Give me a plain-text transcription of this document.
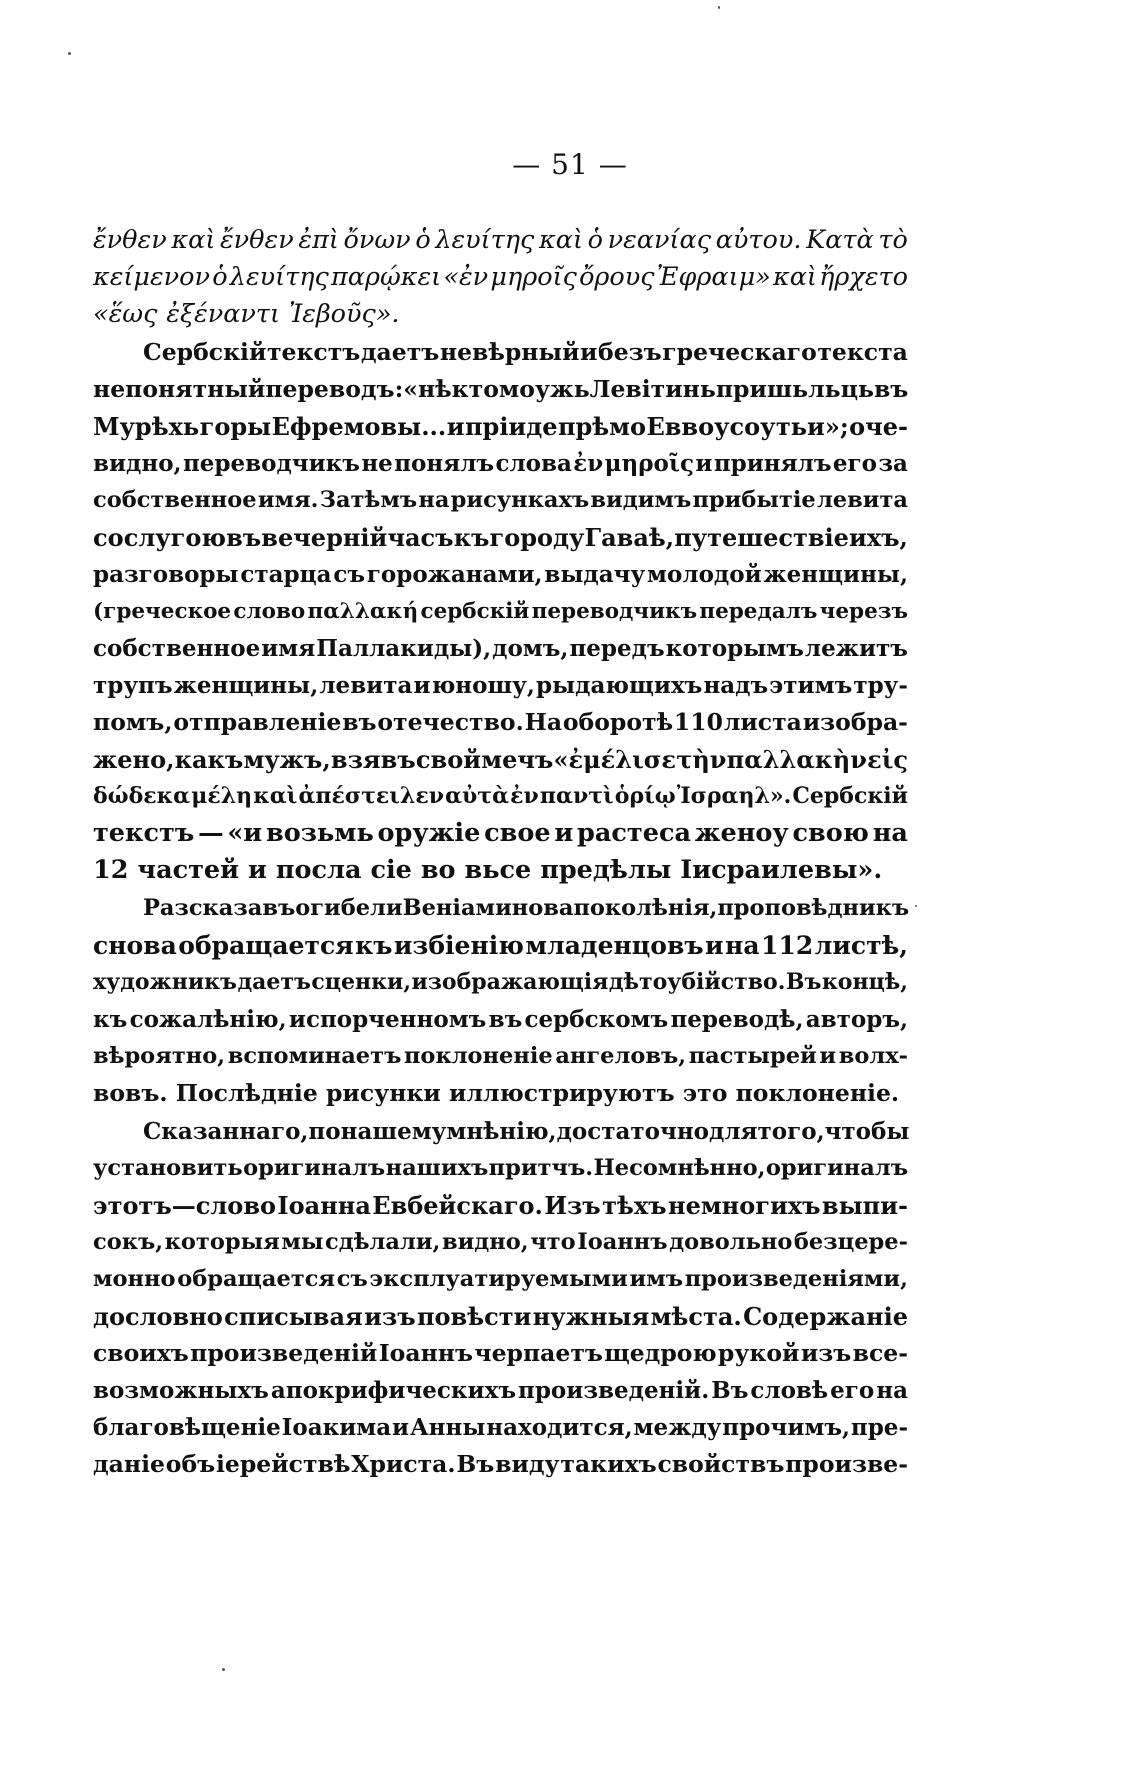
— 51 —
ἔνθεν καὶ ἔνθεν ἐπὶ ὄνων ὁ λευίτης καὶ ὁ νεανίας αὐτου. Κατὰ τὸ
κείμενον ὁ λευίτης παρῴκει «ἐν μηροῖς ὄρους Ἐφραιμ» καὶ ἤρχετο
«ἕως ἐξέναντι Ἰεβοῦς».
Сербскій текстъ даетъ невѣрный и безъ греческаго текста
непонятный переводъ: «нѣкто моужь Левітинь пришьльць въ
Мурѣхь горы Ефремовы... и пріиде прѣмо Еввоусоу тьи»; оче-
видно, переводчикъ не понялъ слова ἐν μηροῖς и принялъ его за
собственное имя. Затѣмъ на рисункахъ видимъ прибытіе левита
со слугою въ вечерній часъ къ городу Гаваѣ, путешествіе ихъ,
разговоры старца съ горожанами, выдачу молодой женщины,
(греческое слово παλλακή сербскій переводчикъ передалъ черезъ
собственное имя Паллакиды), домъ, передъ которымъ лежитъ
трупъ женщины, левита и юношу, рыдающихъ надъ этимъ тру-
помъ, отправленіе въ отечество. На оборотѣ 110 листа изобра-
жено, какъ мужъ, взявъ свой мечъ «ἐμέλισε τὴν παλλακὴν εἰς
δώδεκα μέλη καὶ ἀπέστειλεν αὐτὰ ἐν παντὶ ὁρίῳ Ἰσραηλ». Сербскій
текстъ — «и возьмь оружіе свое и растеса женоу свою на
12 частей и посла сіе во вьсе предѣлы Іисраилевы».
Разсказавъ о гибели Веніаминова поколѣнія, проповѣдникъ
снова обращается къ избіенію младенцовъ и на 112 листѣ,
художникъ даетъ сценки, изображающія дѣтоубійство. Въ концѣ,
къ сожалѣнію, испорченномъ въ сербскомъ переводѣ, авторъ,
вѣроятно, вспоминаетъ поклоненіе ангеловъ, пастырей и волх-
вовъ. Послѣдніе рисунки иллюстрируютъ это поклоненіе.
Сказаннаго, по нашему мнѣнію, достаточно для того, чтобы
установить оригиналъ нашихъ притчъ. Несомнѣнно, оригиналъ
этотъ—слово Іоанна Евбейскаго. Изъ тѣхъ немногихъ выпи-
сокъ, которыя мы сдѣлали, видно, что Іоаннъ довольно безцере-
монно обращается съ эксплуатируемыми имъ произведеніями,
дословно списывая изъ повѣсти нужныя мѣста. Содержаніе
своихъ произведеній Іоаннъ черпаетъ щедрою рукой изъ все-
возможныхъ апокрифическихъ произведеній. Въ словѣ его на
благовѣщеніе Іоакима и Анны находится, между прочимъ, пре-
даніе объ іерействѣ Христа. Въ виду такихъ свойствъ произве-
